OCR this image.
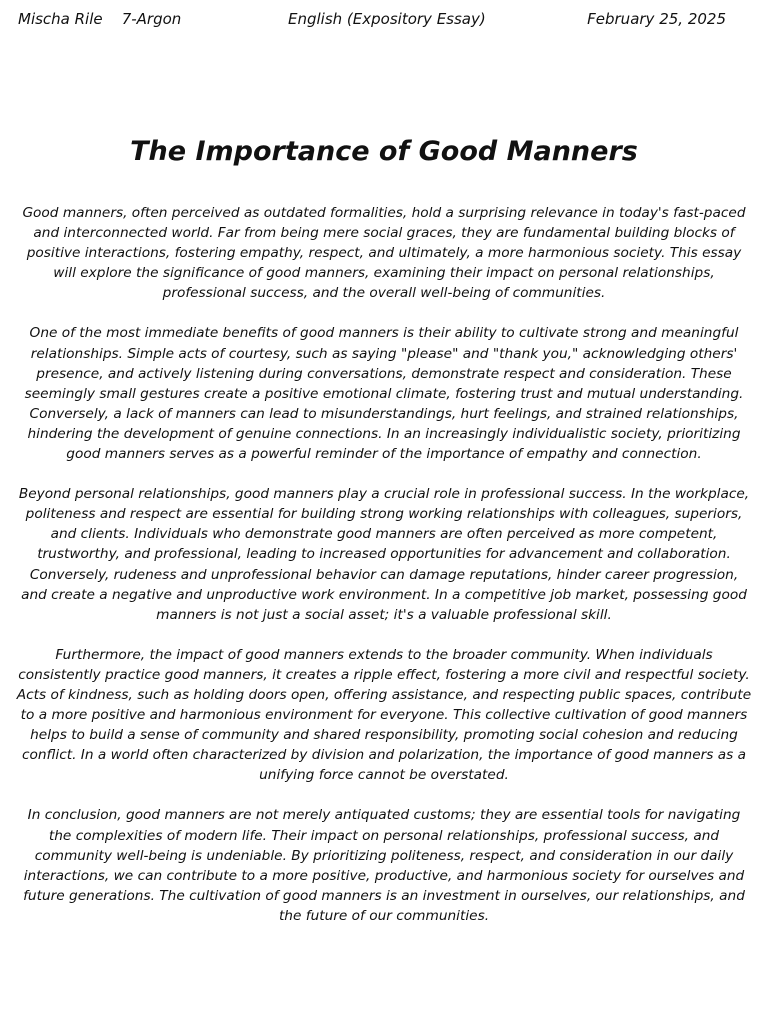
Mischa Rile 7-Argon	English (Expository Essay)	February 25, 2025
The Importance of Good Manners

Good manners, often perceived as outdated formalities, hold a surprising relevance in today's fast-paced and interconnected world. Far from being mere social graces, they are fundamental building blocks of positive interactions, fostering empathy, respect, and ultimately, a more harmonious society. This essay will explore the significance of good manners, examining their impact on personal relationships, professional success, and the overall well-being of communities.

One of the most immediate benefits of good manners is their ability to cultivate strong and meaningful relationships. Simple acts of courtesy, such as saying "please" and "thank you," acknowledging others' presence, and actively listening during conversations, demonstrate respect and consideration. These seemingly small gestures create a positive emotional climate, fostering trust and mutual understanding. Conversely, a lack of manners can lead to misunderstandings, hurt feelings, and strained relationships, hindering the development of genuine connections. In an increasingly individualistic society, prioritizing good manners serves as a powerful reminder of the importance of empathy and connection.

Beyond personal relationships, good manners play a crucial role in professional success. In the workplace, politeness and respect are essential for building strong working relationships with colleagues, superiors, and clients. Individuals who demonstrate good manners are often perceived as more competent, trustworthy, and professional, leading to increased opportunities for advancement and collaboration. Conversely, rudeness and unprofessional behavior can damage reputations, hinder career progression, and create a negative and unproductive work environment. In a competitive job market, possessing good manners is not just a social asset; it's a valuable professional skill.

Furthermore, the impact of good manners extends to the broader community. When individuals consistently practice good manners, it creates a ripple effect, fostering a more civil and respectful society. Acts of kindness, such as holding doors open, offering assistance, and respecting public spaces, contribute to a more positive and harmonious environment for everyone. This collective cultivation of good manners helps to build a sense of community and shared responsibility, promoting social cohesion and reducing conflict. In a world often characterized by division and polarization, the importance of good manners as a unifying force cannot be overstated.

In conclusion, good manners are not merely antiquated customs; they are essential tools for navigating the complexities of modern life. Their impact on personal relationships, professional success, and community well-being is undeniable. By prioritizing politeness, respect, and consideration in our daily interactions, we can contribute to a more positive, productive, and harmonious society for ourselves and future generations. The cultivation of good manners is an investment in ourselves, our relationships, and the future of our communities.
